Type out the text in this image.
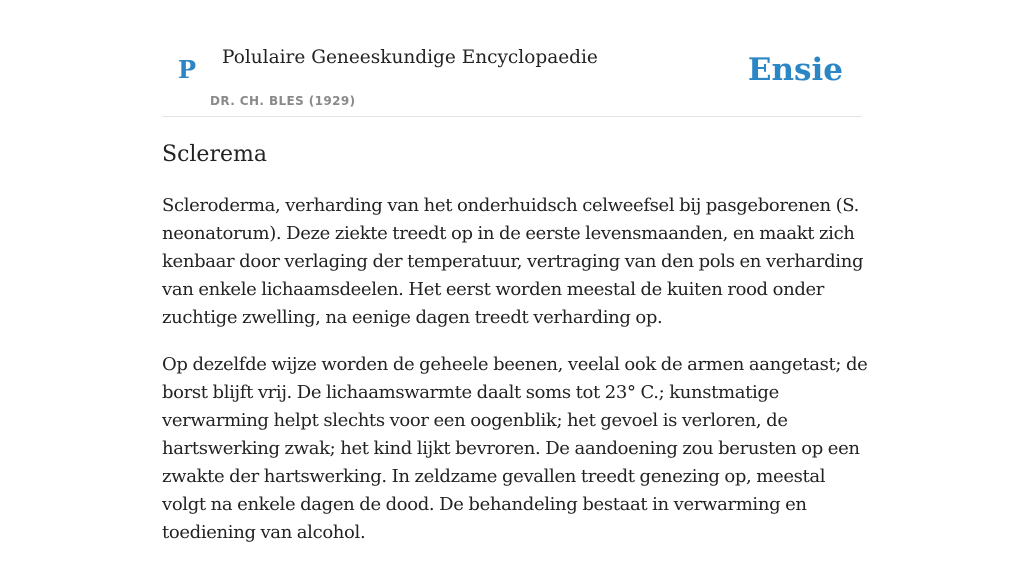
P Polulaire Geneeskundige Encyclopaedie
DR. CH. BLES (1929)
Ensie
Sclerema

Scleroderma, verharding van het onderhuidsch celweefsel bij pasgeborenen (S. neonatorum). Deze ziekte treedt op in de eerste levensmaanden, en maakt zich kenbaar door verlaging der temperatuur, vertraging van den pols en verharding van enkele lichaamsdeelen. Het eerst worden meestal de kuiten rood onder zuchtige zwelling, na eenige dagen treedt verharding op.

Op dezelfde wijze worden de geheele beenen, veelal ook de armen aangetast; de borst blijft vrij. De lichaamswarmte daalt soms tot 23° C.; kunstmatige verwarming helpt slechts voor een oogenblik; het gevoel is verloren, de hartswerking zwak; het kind lijkt bevroren. De aandoening zou berusten op een zwakte der hartswerking. In zeldzame gevallen treedt genezing op, meestal volgt na enkele dagen de dood. De behandeling bestaat in verwarming en toediening van alcohol.
